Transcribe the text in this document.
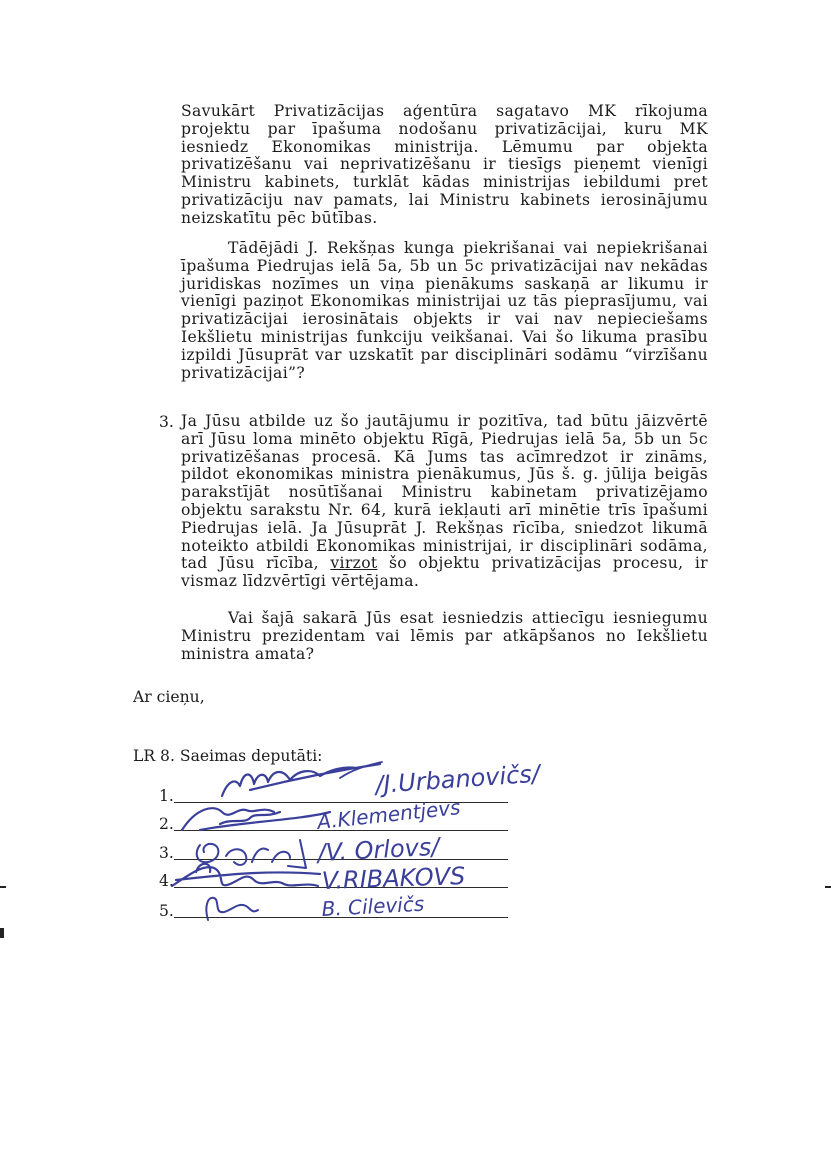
Savukārt Privatizācijas aģentūra sagatavo MK rīkojuma projektu par īpašuma nodošanu privatizācijai, kuru MK iesniedz Ekonomikas ministrija. Lēmumu par objekta privatizēšanu vai neprivatizēšanu ir tiesīgs pieņemt vienīgi Ministru kabinets, turklāt kādas ministrijas iebildumi pret privatizāciju nav pamats, lai Ministru kabinets ierosinājumu neizskatītu pēc būtības.

Tādējādi J. Rekšņas kunga piekrišanai vai nepiekrišanai īpašuma Piedrujas ielā 5a, 5b un 5c privatizācijai nav nekādas juridiskas nozīmes un viņa pienākums saskaņā ar likumu ir vienīgi paziņot Ekonomikas ministrijai uz tās pieprasījumu, vai privatizācijai ierosinātais objekts ir vai nav nepieciešams Iekšlietu ministrijas funkciju veikšanai. Vai šo likuma prasību izpildi Jūsuprāt var uzskatīt par disciplināri sodāmu “virzīšanu privatizācijai”?

3. Ja Jūsu atbilde uz šo jautājumu ir pozitīva, tad būtu jāizvērtē arī Jūsu loma minēto objektu Rīgā, Piedrujas ielā 5a, 5b un 5c privatizēšanas procesā. Kā Jums tas acīmredzot ir zināms, pildot ekonomikas ministra pienākumus, Jūs š. g. jūlija beigās parakstījāt nosūtīšanai Ministru kabinetam privatizējamo objektu sarakstu Nr. 64, kurā iekļauti arī minētie trīs īpašumi Piedrujas ielā. Ja Jūsuprāt J. Rekšņas rīcība, sniedzot likumā noteikto atbildi Ekonomikas ministrijai, ir disciplināri sodāma, tad Jūsu rīcība, virzot šo objektu privatizācijas procesu, ir vismaz līdzvērtīgi vērtējama.

Vai šajā sakarā Jūs esat iesniedzis attiecīgu iesniegumu Ministru prezidentam vai lēmis par atkāpšanos no Iekšlietu ministra amata?

Ar cieņu,

LR 8. Saeimas deputāti:

1.
2.
3.
4.
5.
/J.Urbanovičs/
A.Klementjevs
/V. Orlovs/
V.RIBAKOVS
B. Cilevičs
